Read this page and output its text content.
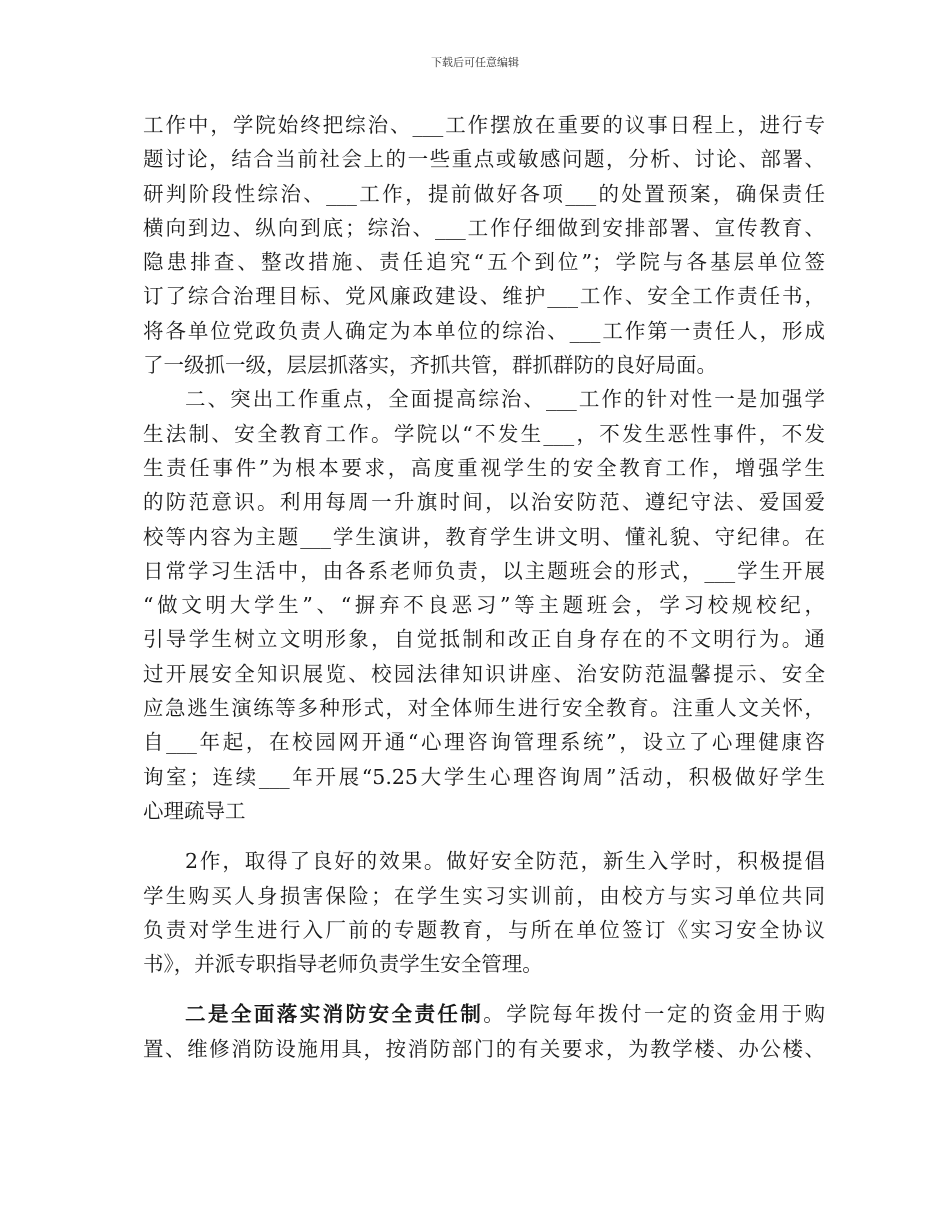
下载后可任意编辑
工作中，学院始终把综治、___工作摆放在重要的议事日程上，进行专
题讨论，结合当前社会上的一些重点或敏感问题，分析、讨论、部署、
研判阶段性综治、___工作，提前做好各项___的处置预案，确保责任
横向到边、纵向到底；综治、___工作仔细做到安排部署、宣传教育、
隐患排查、整改措施、责任追究“五个到位”；学院与各基层单位签
订了综合治理目标、党风廉政建设、维护___工作、安全工作责任书，
将各单位党政负责人确定为本单位的综治、___工作第一责任人，形成
了一级抓一级，层层抓落实，齐抓共管，群抓群防的良好局面。
二、突出工作重点，全面提高综治、___工作的针对性一是加强学
生法制、安全教育工作。学院以“不发生___，不发生恶性事件，不发
生责任事件”为根本要求，高度重视学生的安全教育工作，增强学生
的防范意识。利用每周一升旗时间，以治安防范、遵纪守法、爱国爱
校等内容为主题___学生演讲，教育学生讲文明、懂礼貌、守纪律。在
日常学习生活中，由各系老师负责，以主题班会的形式，___学生开展
“做文明大学生”、“摒弃不良恶习”等主题班会，学习校规校纪，
引导学生树立文明形象，自觉抵制和改正自身存在的不文明行为。通
过开展安全知识展览、校园法律知识讲座、治安防范温馨提示、安全
应急逃生演练等多种形式，对全体师生进行安全教育。注重人文关怀，
自___年起，在校园网开通“心理咨询管理系统”，设立了心理健康咨
询室；连续___年开展“5.25大学生心理咨询周”活动，积极做好学生
心理疏导工
2作，取得了良好的效果。做好安全防范，新生入学时，积极提倡
学生购买人身损害保险；在学生实习实训前，由校方与实习单位共同
负责对学生进行入厂前的专题教育，与所在单位签订《实习安全协议
书》，并派专职指导老师负责学生安全管理。
二是全面落实消防安全责任制。学院每年拨付一定的资金用于购
置、维修消防设施用具，按消防部门的有关要求，为教学楼、办公楼、
